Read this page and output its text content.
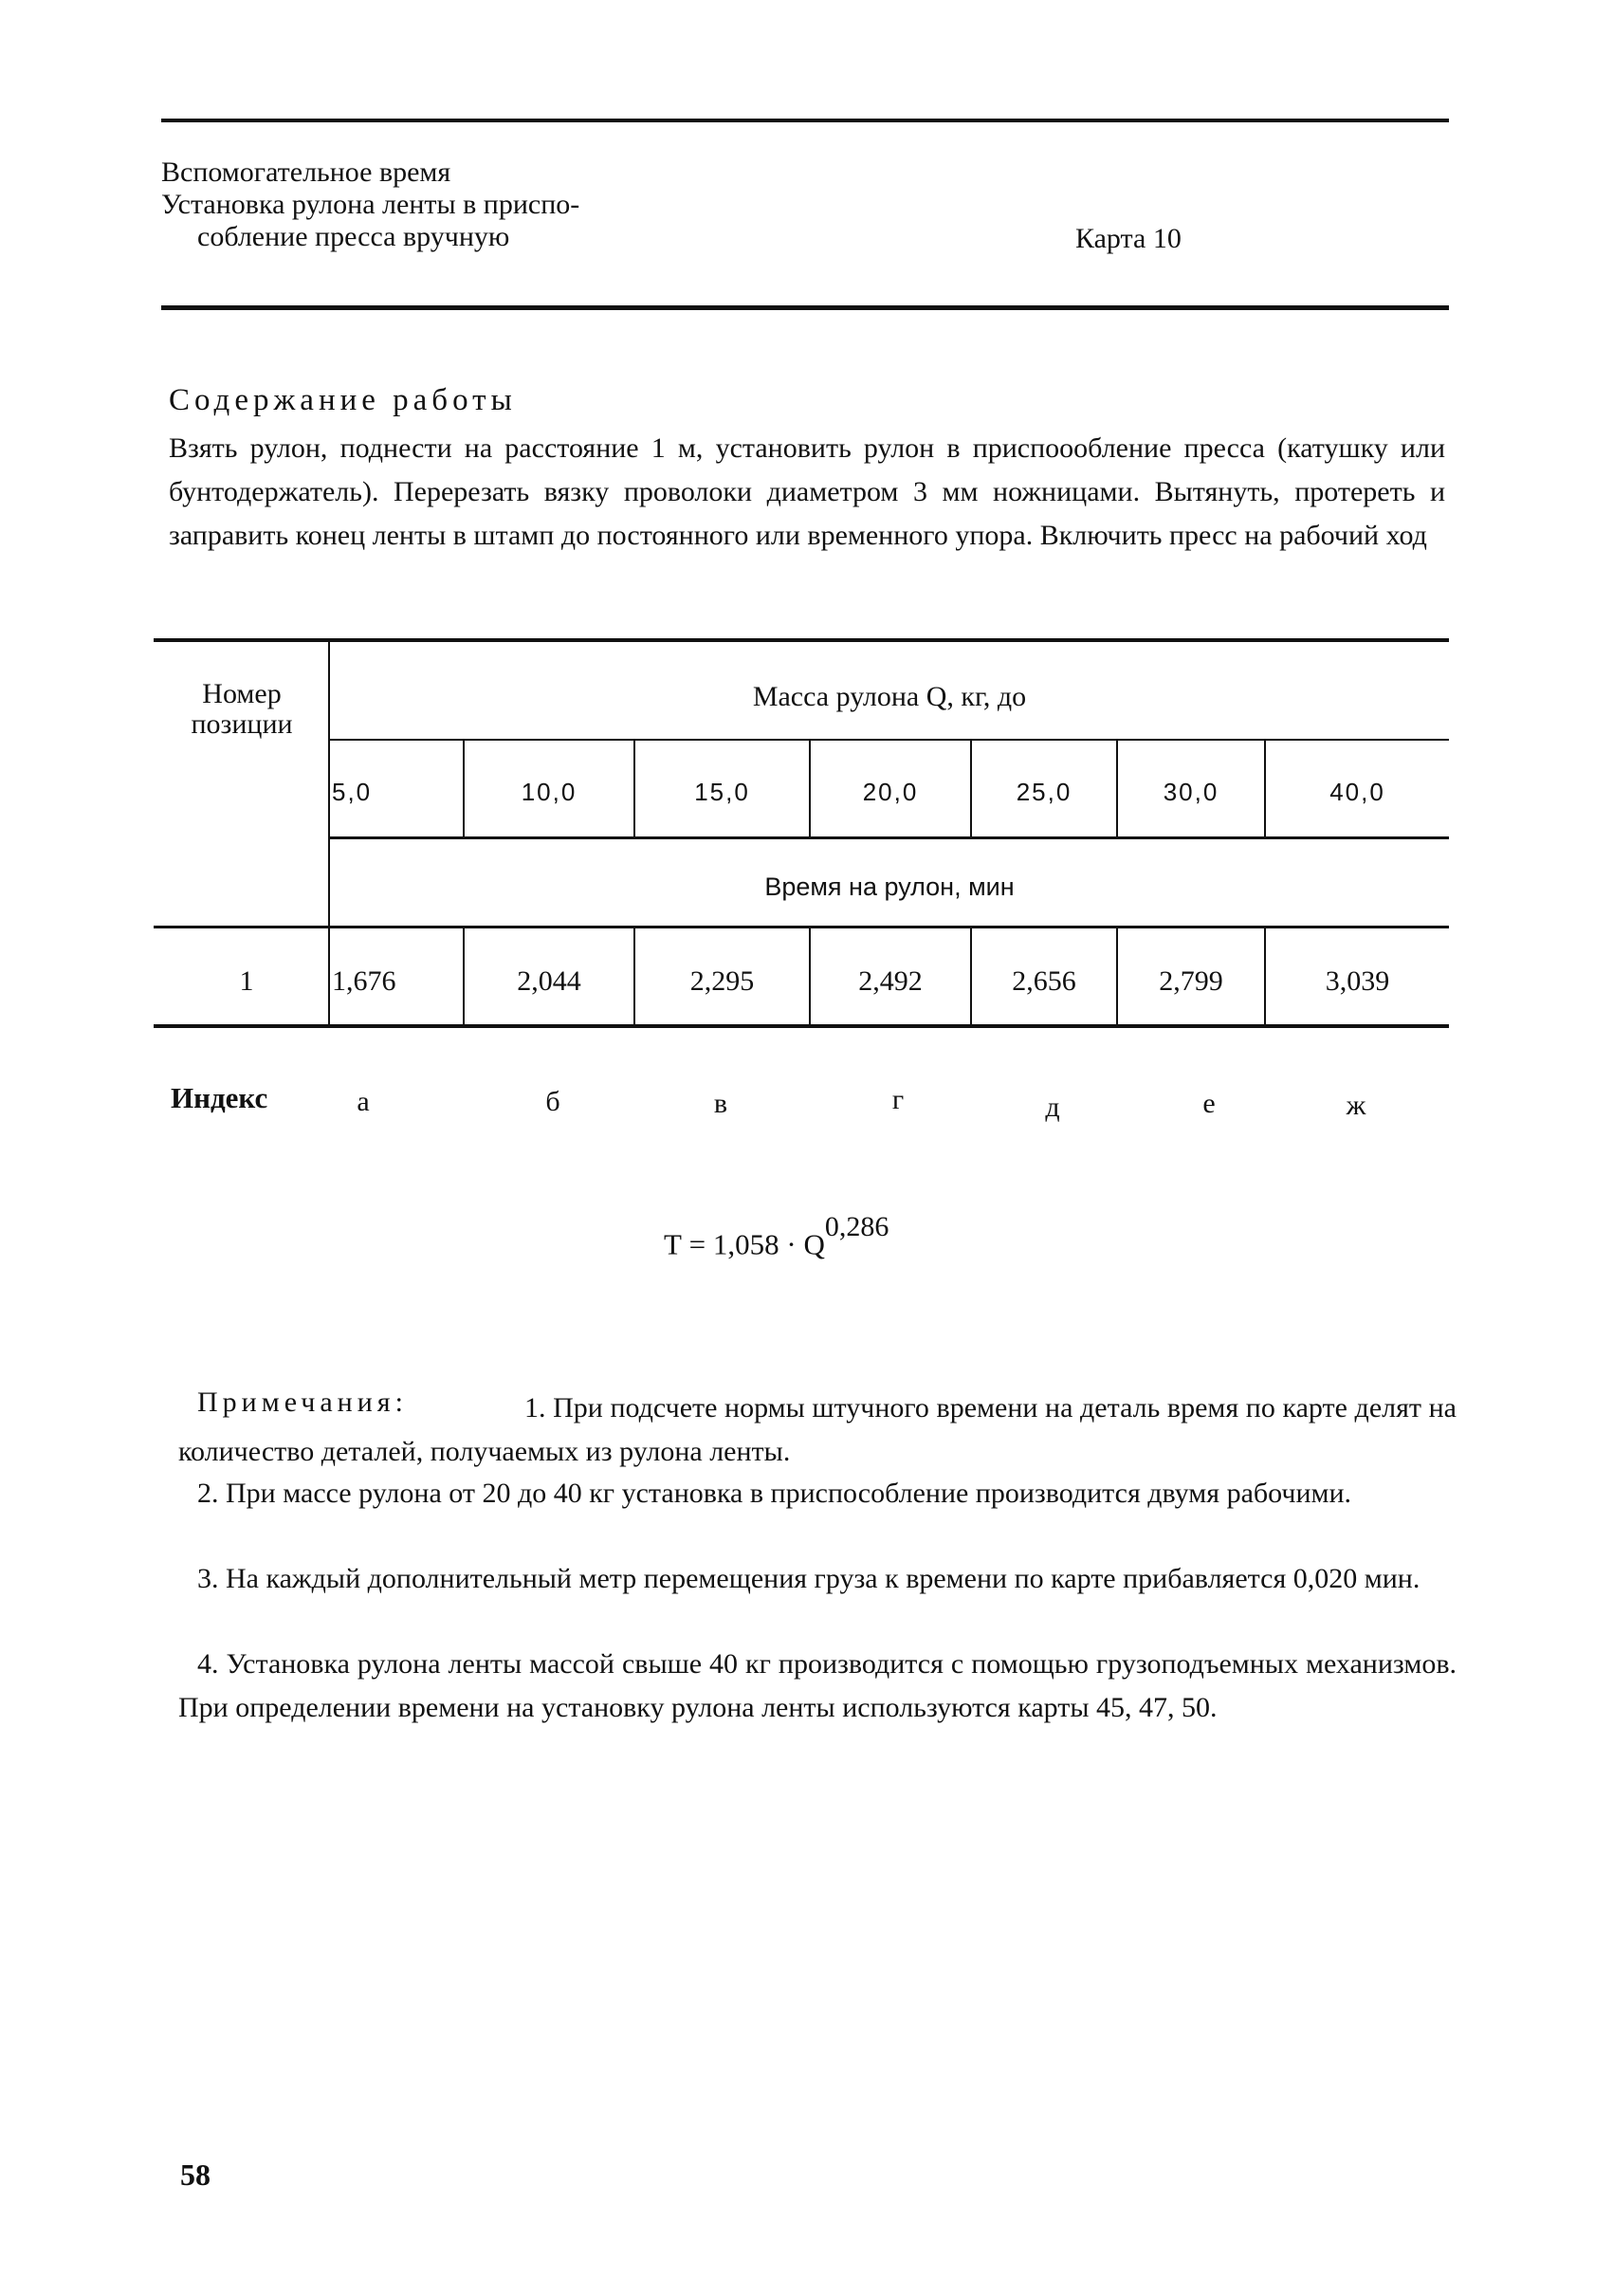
Вспомогательное время
Установка рулона ленты в приспо-
собление пресса вручную	Карта 10
Содержание работы
Взять рулон, поднести на расстояние 1 м, установить рулон в приспоообление пресса (катушку или бунтодержатель). Перерезать вязку проволоки диаметром 3 мм ножницами. Вытянуть, протереть и заправить конец ленты в штамп до постоянного или временного упора. Включить пресс на рабочий ход
Номер позиции
Масса рулона Q, кг, до
5,0	10,0	15,0	20,0	25,0	30,0	40,0
Время на рулон, мин
1	1,676	2,044	2,295	2,492	2,656	2,799	3,039
Индекс	а	б	в	г	д	е	ж
Т = 1,058 · Q$^{0,286}$
Примечания:	1. При подсчете нормы штучного времени на деталь время по карте делят на количество деталей, получаемых из рулона ленты.
2. При массе рулона от 20 до 40 кг установка в приспособление производится двумя рабочими.
3. На каждый дополнительный метр перемещения груза к времени по карте прибавляется 0,020 мин.
4. Установка рулона ленты массой свыше 40 кг производится с помощью грузоподъемных механизмов. При определении времени на установку рулона ленты используются карты 45, 47, 50.
58
